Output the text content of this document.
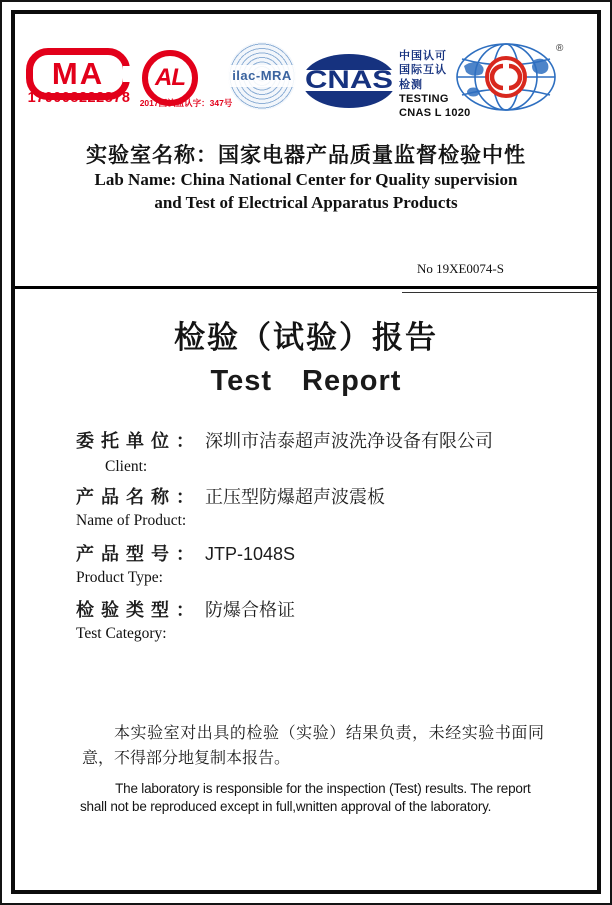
MA
170008222878
AL
2017国认监认字：347号
ilac-MRA CNAS
中国认可
国际互认
检测
TESTING
CNAS L 1020
®
实验室名称：国家电器产品质量监督检验中性
Lab Name: China National Center for Quality supervision
and Test of Electrical Apparatus Products
No 19XE0074-S
检验（试验）报告
Test　Report
委 托 单 位 ： 深圳市洁泰超声波洗净设备有限公司
Client:
产 品 名 称 ： 正压型防爆超声波震板
Name of Product:
产 品 型 号 ： JTP-1048S
Product Type:
检 验 类 型 ： 防爆合格证
Test Category:
本实验室对出具的检验（实验）结果负责，未经实验书面同意，不得部分地复制本报告。
The laboratory is responsible for the inspection (Test) results. The report shall not be reproduced except in full,wnitten approval of the laboratory.
